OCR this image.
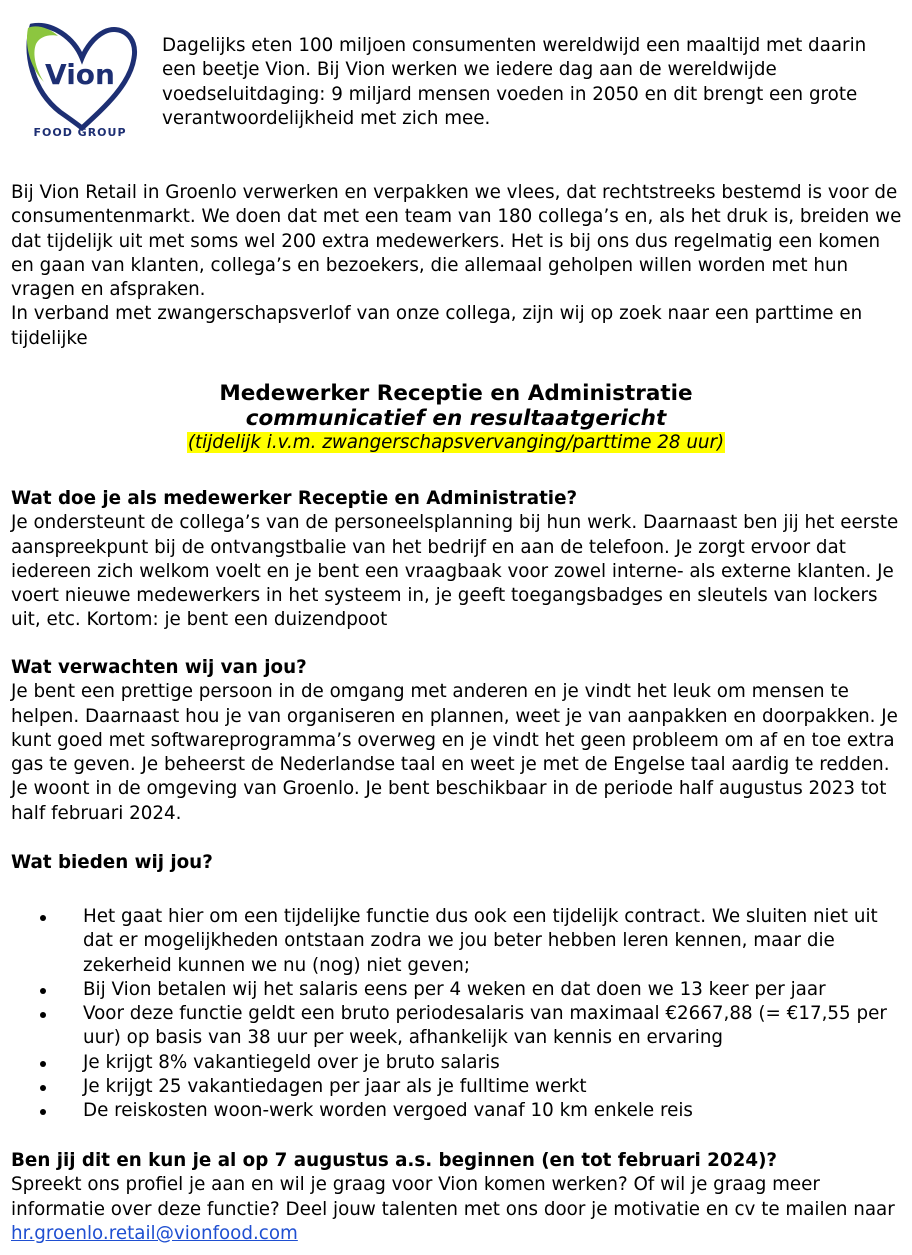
Vion
FOOD GROUP

Dagelijks eten 100 miljoen consumenten wereldwijd een maaltijd met daarin een beetje Vion. Bij Vion werken we iedere dag aan de wereldwijde voedseluitdaging: 9 miljard mensen voeden in 2050 en dit brengt een grote verantwoordelijkheid met zich mee.

Bij Vion Retail in Groenlo verwerken en verpakken we vlees, dat rechtstreeks bestemd is voor de consumentenmarkt. We doen dat met een team van 180 collega’s en, als het druk is, breiden we dat tijdelijk uit met soms wel 200 extra medewerkers. Het is bij ons dus regelmatig een komen en gaan van klanten, collega’s en bezoekers, die allemaal geholpen willen worden met hun vragen en afspraken.

In verband met zwangerschapsverlof van onze collega, zijn wij op zoek naar een parttime en tijdelijke

Medewerker Receptie en Administratie
communicatief en resultaatgericht
(tijdelijk i.v.m. zwangerschapsvervanging/parttime 28 uur)

Wat doe je als medewerker Receptie en Administratie?

Je ondersteunt de collega’s van de personeelsplanning bij hun werk. Daarnaast ben jij het eerste aanspreekpunt bij de ontvangstbalie van het bedrijf en aan de telefoon. Je zorgt ervoor dat iedereen zich welkom voelt en je bent een vraagbaak voor zowel interne- als externe klanten. Je voert nieuwe medewerkers in het systeem in, je geeft toegangsbadges en sleutels van lockers uit, etc. Kortom: je bent een duizendpoot

Wat verwachten wij van jou?

Je bent een prettige persoon in de omgang met anderen en je vindt het leuk om mensen te helpen. Daarnaast hou je van organiseren en plannen, weet je van aanpakken en doorpakken. Je kunt goed met softwareprogramma’s overweg en je vindt het geen probleem om af en toe extra gas te geven. Je beheerst de Nederlandse taal en weet je met de Engelse taal aardig te redden. Je woont in de omgeving van Groenlo. Je bent beschikbaar in de periode half augustus 2023 tot half februari 2024.

Wat bieden wij jou?

Het gaat hier om een tijdelijke functie dus ook een tijdelijk contract. We sluiten niet uit dat er mogelijkheden ontstaan zodra we jou beter hebben leren kennen, maar die zekerheid kunnen we nu (nog) niet geven;
Bij Vion betalen wij het salaris eens per 4 weken en dat doen we 13 keer per jaar
Voor deze functie geldt een bruto periodesalaris van maximaal €2667,88 (= €17,55 per uur) op basis van 38 uur per week, afhankelijk van kennis en ervaring
Je krijgt 8% vakantiegeld over je bruto salaris
Je krijgt 25 vakantiedagen per jaar als je fulltime werkt
De reiskosten woon-werk worden vergoed vanaf 10 km enkele reis

Ben jij dit en kun je al op 7 augustus a.s. beginnen (en tot februari 2024)?

Spreekt ons profiel je aan en wil je graag voor Vion komen werken? Of wil je graag meer informatie over deze functie? Deel jouw talenten met ons door je motivatie en cv te mailen naar hr.groenlo.retail@vionfood.com
